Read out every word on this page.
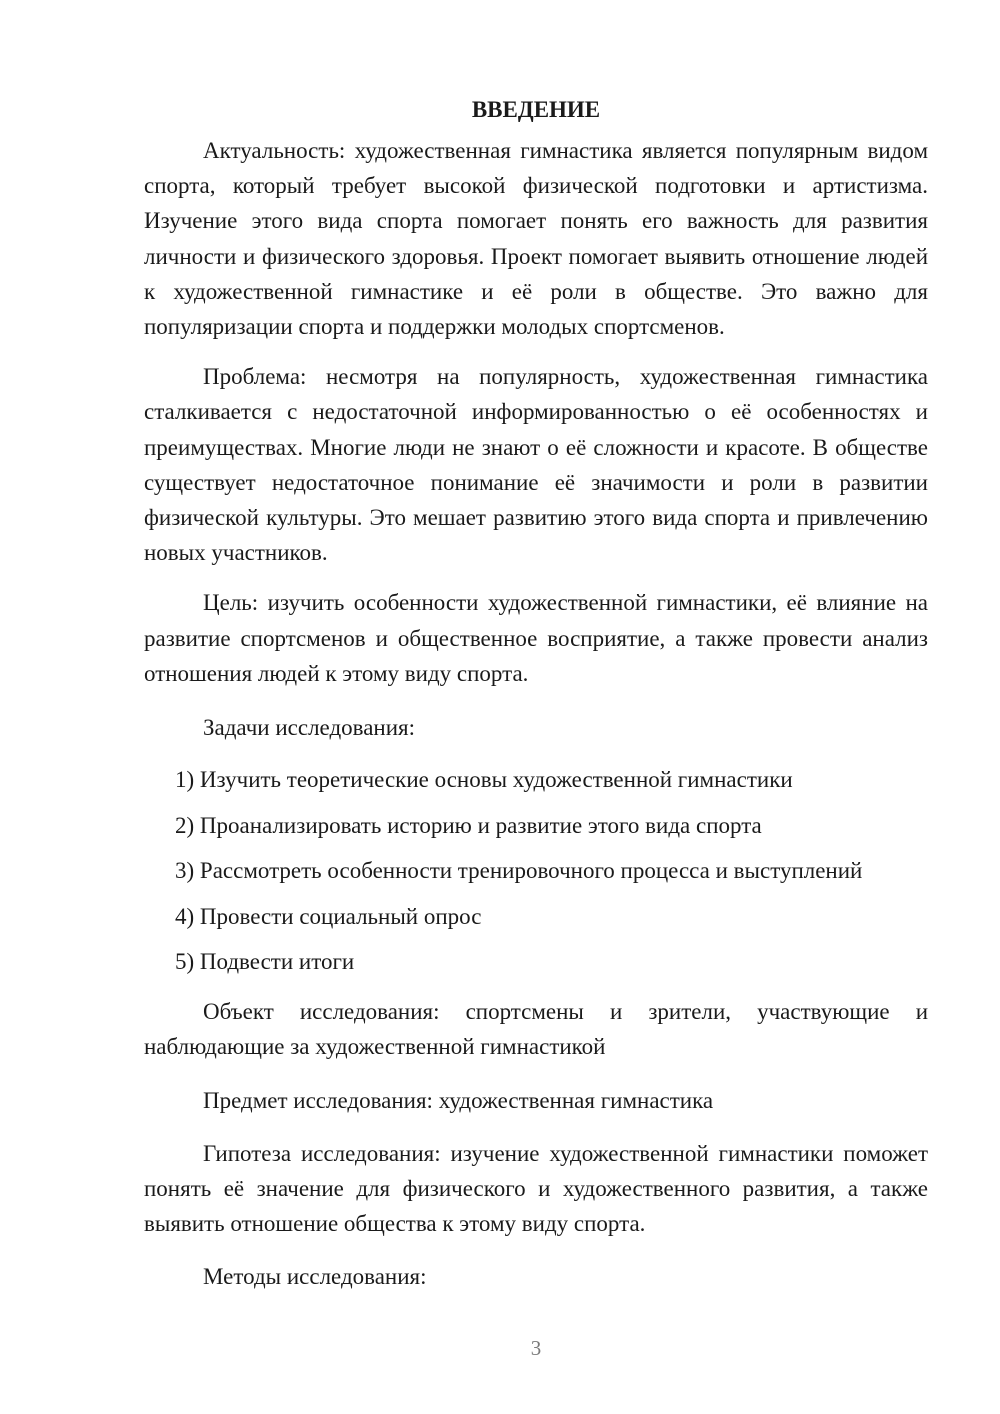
ВВЕДЕНИЕ

Актуальность: художественная гимнастика является популярным видом спорта, который требует высокой физической подготовки и артистизма. Изучение этого вида спорта помогает понять его важность для развития личности и физического здоровья. Проект помогает выявить отношение людей к художественной гимнастике и её роли в обществе. Это важно для популяризации спорта и поддержки молодых спортсменов.

Проблема: несмотря на популярность, художественная гимнастика сталкивается с недостаточной информированностью о её особенностях и преимуществах. Многие люди не знают о её сложности и красоте. В обществе существует недостаточное понимание её значимости и роли в развитии физической культуры. Это мешает развитию этого вида спорта и привлечению новых участников.

Цель: изучить особенности художественной гимнастики, её влияние на развитие спортсменов и общественное восприятие, а также провести анализ отношения людей к этому виду спорта.

Задачи исследования:

1) Изучить теоретические основы художественной гимнастики
2) Проанализировать историю и развитие этого вида спорта
3) Рассмотреть особенности тренировочного процесса и выступлений
4) Провести социальный опрос
5) Подвести итоги

Объект исследования: спортсмены и зрители, участвующие и наблюдающие за художественной гимнастикой

Предмет исследования: художественная гимнастика

Гипотеза исследования: изучение художественной гимнастики поможет понять её значение для физического и художественного развития, а также выявить отношение общества к этому виду спорта.

Методы исследования:

3
